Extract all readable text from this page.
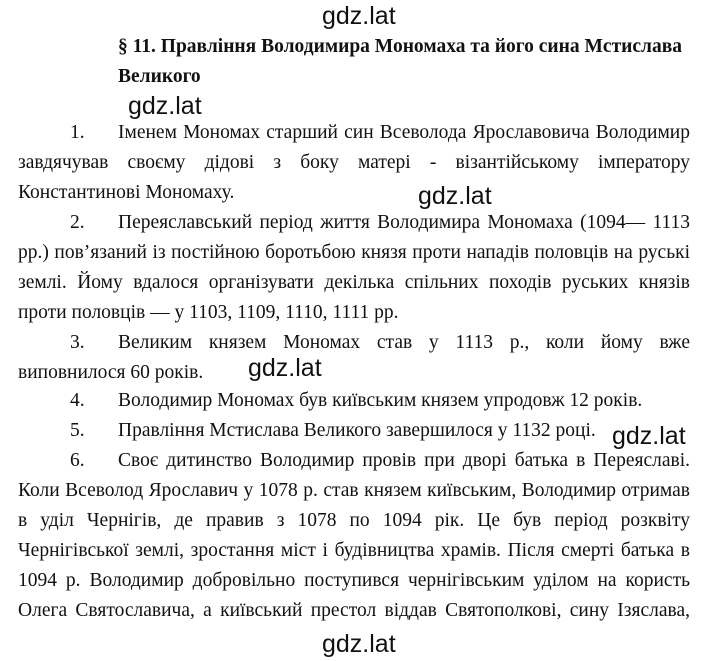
gdz.lat
§ 11. Правління Володимира Мономаха та його сина Мстислава
Великого
gdz.lat
1. Іменем Мономах старший син Всеволода Ярославовича Володимир
завдячував своєму дідові з боку матері - візантійському імператору
Константинові Мономаху.	gdz.lat
2. Переяславський період життя Володимира Мономаха (1094— 1113
рр.) пов’язаний із постійною боротьбою князя проти нападів половців на руські
землі. Йому вдалося організувати декілька спільних походів руських князів
проти половців — у 1103, 1109, 1110, 1111 рр.
3. Великим князем Мономах став у 1113 р., коли йому вже
виповнилося 60 років.	gdz.lat
4. Володимир Мономах був київським князем упродовж 12 років.
5. Правління Мстислава Великого завершилося у 1132 році. gdz.lat
6. Своє дитинство Володимир провів при дворі батька в Переяславі.
Коли Всеволод Ярославич у 1078 р. став князем київським, Володимир отримав
в уділ Чернігів, де правив з 1078 по 1094 рік. Це був період розквіту
Чернігівської землі, зростання міст і будівництва храмів. Після смерті батька в
1094 р. Володимир добровільно поступився чернігівським уділом на користь
Олега Святославича, а київський престол віддав Святополкові, сину Ізяслава,
gdz.lat
